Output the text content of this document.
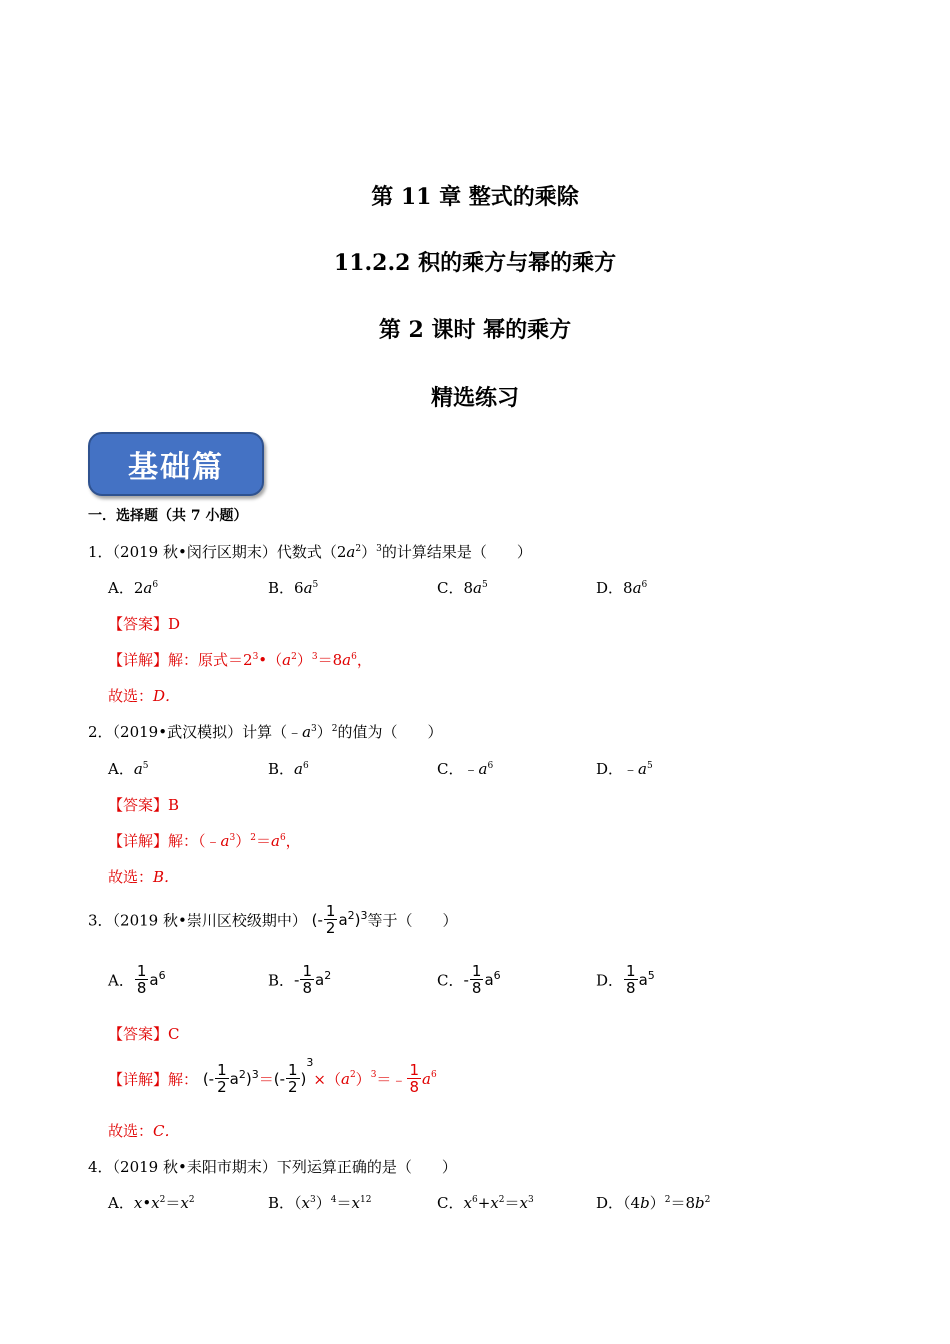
第 11 章 整式的乘除
11.2.2 积的乘方与幂的乘方
第 2 课时 幂的乘方
精选练习
基础篇
一．选择题（共 7 小题）
1．（2019 秋•闵行区期末）代数式$(2a^2)^3$的计算结果是（　　）
A．$2a^6$	B．$6a^5$	C．$8a^5$	D．$8a^6$
【答案】D
【详解】解：原式$=2^3•(a^2)^3=8a^6$，
故选：D．
2．（2019•武汉模拟）计算$(﹣a^3)^2$的值为（　　）
A．$a^5$	B．$a^6$	C．$﹣a^6$	D．$﹣a^5$
【答案】B
【详解】解：$(﹣a^3)^2=a^6$，
故选：B．
3．（2019 秋•崇川区校级期中） (- $\frac{1}{2} a^2)^3$等于（　　）
A． $\frac{1}{8} a^6$	B．- $\frac{1}{8} a^2$	C．- $\frac{1}{8} a^6$	D． $\frac{1}{8} a^5$
【答案】C
【详解】解： (- $\frac{1}{2} a^2)^3=(- \frac{1}{2}$ )$^3\times(a^2)^3=﹣ \frac{1}{8} a^6$
故选：C．
4．（2019 秋•耒阳市期末）下列运算正确的是（　　）
A．$x•x^2=x^2$	B．$(x^3)^4=x^{12}$	C．$x^6+x^2=x^3$	D．$(4b)^2=8b^2$
